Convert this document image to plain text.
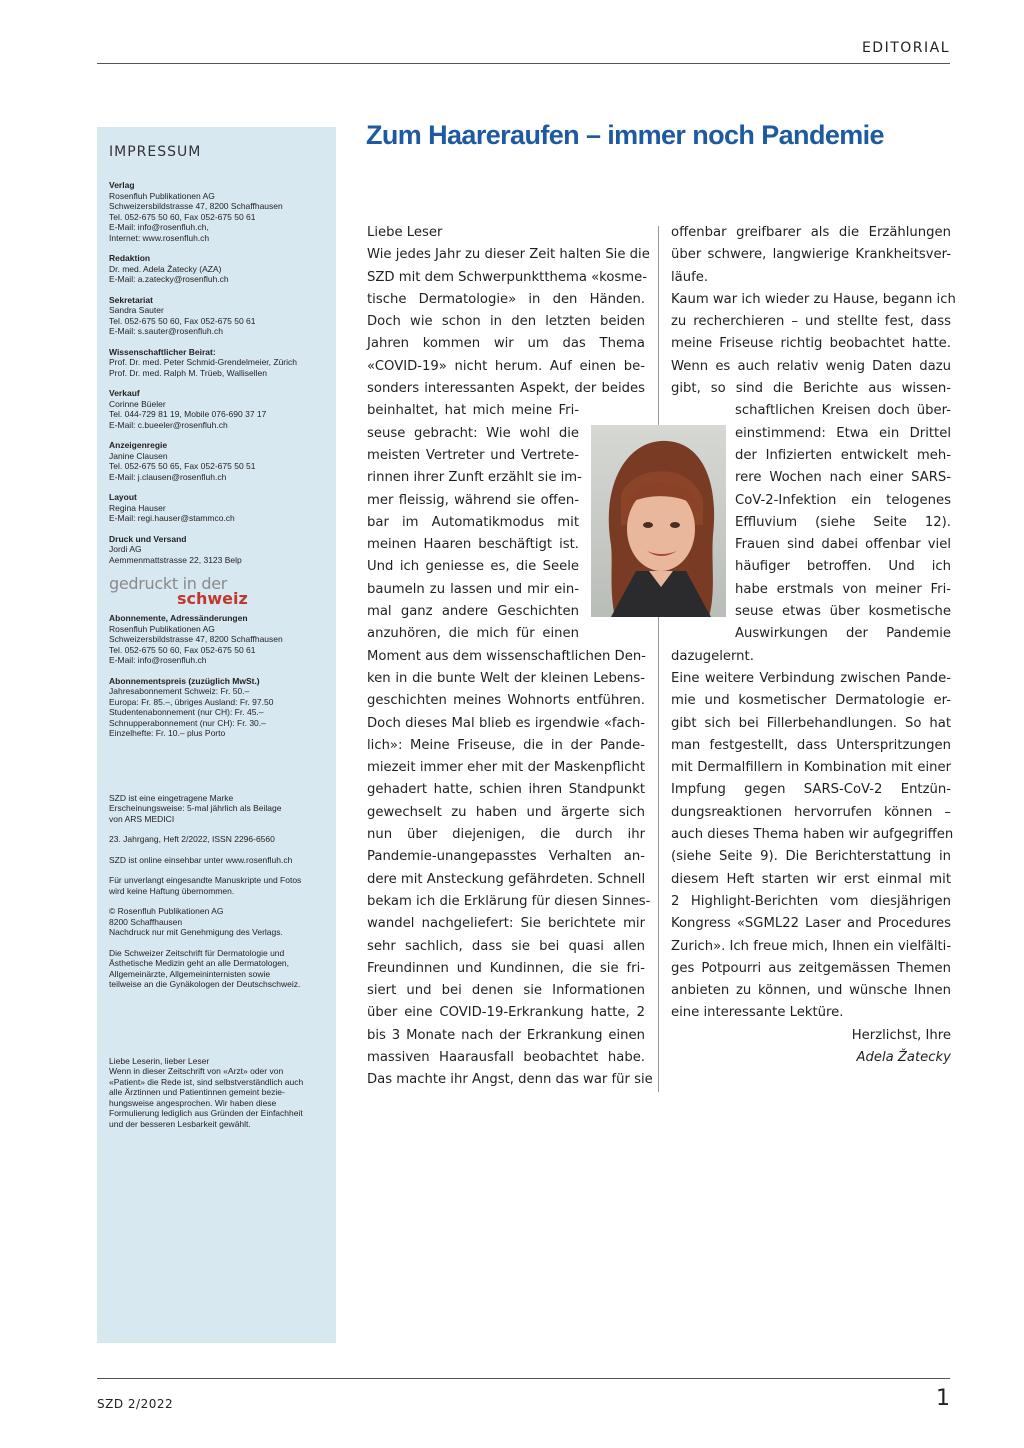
EDITORIAL
IMPRESSUM
Verlag
Rosenfluh Publikationen AG
Schweizersbildstrasse 47, 8200 Schaffhausen
Tel. 052-675 50 60, Fax 052-675 50 61
E-Mail: info@rosenfluh.ch,
Internet: www.rosenfluh.ch
Redaktion
Dr. med. Adela Žatecky (AZA)
E-Mail: a.zatecky@rosenfluh.ch
Sekretariat
Sandra Sauter
Tel. 052-675 50 60, Fax 052-675 50 61
E-Mail: s.sauter@rosenfluh.ch
Wissenschaftlicher Beirat:
Prof. Dr. med. Peter Schmid-Grendelmeier, Zürich
Prof. Dr. med. Ralph M. Trüeb, Wallisellen
Verkauf
Corinne Büeler
Tel. 044-729 81 19, Mobile 076-690 37 17
E-Mail: c.bueeler@rosenfluh.ch
Anzeigenregie
Janine Clausen
Tel. 052-675 50 65, Fax 052-675 50 51
E-Mail: j.clausen@rosenfluh.ch
Layout
Regina Hauser
E-Mail: regi.hauser@stammco.ch
Druck und Versand
Jordi AG
Aemmenmattstrasse 22, 3123 Belp
gedruckt in der
schweiz
Abonnemente, Adressänderungen
Rosenfluh Publikationen AG
Schweizersbildstrasse 47, 8200 Schaffhausen
Tel. 052-675 50 60, Fax 052-675 50 61
E-Mail: info@rosenfluh.ch
Abonnementspreis (zuzüglich MwSt.)
Jahresabonnement Schweiz: Fr. 50.–
Europa: Fr. 85.–, übriges Ausland: Fr. 97.50
Studentenabonnement (nur CH): Fr. 45.–
Schnupperabonnement (nur CH): Fr. 30.–
Einzelhefte: Fr. 10.– plus Porto
SZD ist eine eingetragene Marke
Erscheinungsweise: 5-mal jährlich als Beilage
von ARS MEDICI
23. Jahrgang, Heft 2/2022, ISSN 2296-6560
SZD ist online einsehbar unter www.rosenfluh.ch
Für unverlangt eingesandte Manuskripte und Fotos
wird keine Haftung übernommen.
© Rosenfluh Publikationen AG
8200 Schaffhausen
Nachdruck nur mit Genehmigung des Verlags.
Die Schweizer Zeitschrift für Dermatologie und
Ästhetische Medizin geht an alle Dermatologen,
Allgemeinärzte, Allgemeininternisten sowie
teilweise an die Gynäkologen der Deutschschweiz.
Liebe Leserin, lieber Leser
Wenn in dieser Zeitschrift von «Arzt» oder von
«Patient» die Rede ist, sind selbstverständlich auch
alle Ärztinnen und Patientinnen gemeint bezie-
hungsweise angesprochen. Wir haben diese
Formulierung lediglich aus Gründen der Einfachheit
und der besseren Lesbarkeit gewählt.
Zum Haareraufen – immer noch Pandemie
Liebe Leser
Wie jedes Jahr zu dieser Zeit halten Sie die
SZD mit dem Schwerpunktthema «kosme-
tische Dermatologie» in den Händen.
Doch wie schon in den letzten beiden
Jahren kommen wir um das Thema
«COVID-19» nicht herum. Auf einen be-
sonders interessanten Aspekt, der beides
beinhaltet, hat mich meine Fri-
seuse gebracht: Wie wohl die
meisten Vertreter und Vertrete-
rinnen ihrer Zunft erzählt sie im-
mer fleissig, während sie offen-
bar im Automatikmodus mit
meinen Haaren beschäftigt ist.
Und ich geniesse es, die Seele
baumeln zu lassen und mir ein-
mal ganz andere Geschichten
anzuhören, die mich für einen
Moment aus dem wissenschaftlichen Den-
ken in die bunte Welt der kleinen Lebens-
geschichten meines Wohnorts entführen.
Doch dieses Mal blieb es irgendwie «fach-
lich»: Meine Friseuse, die in der Pande-
miezeit immer eher mit der Maskenpflicht
gehadert hatte, schien ihren Standpunkt
gewechselt zu haben und ärgerte sich
nun über diejenigen, die durch ihr
Pandemie-unangepasstes Verhalten an-
dere mit Ansteckung gefährdeten. Schnell
bekam ich die Erklärung für diesen Sinnes-
wandel nachgeliefert: Sie berichtete mir
sehr sachlich, dass sie bei quasi allen
Freundinnen und Kundinnen, die sie fri-
siert und bei denen sie Informationen
über eine COVID-19-Erkrankung hatte, 2
bis 3 Monate nach der Erkrankung einen
massiven Haarausfall beobachtet habe.
Das machte ihr Angst, denn das war für sie
offenbar greifbarer als die Erzählungen
über schwere, langwierige Krankheitsver-
läufe.
Kaum war ich wieder zu Hause, begann ich
zu recherchieren – und stellte fest, dass
meine Friseuse richtig beobachtet hatte.
Wenn es auch relativ wenig Daten dazu
gibt, so sind die Berichte aus wissen-
schaftlichen Kreisen doch über-
einstimmend: Etwa ein Drittel
der Infizierten entwickelt meh-
rere Wochen nach einer SARS-
CoV-2-Infektion ein telogenes
Effluvium (siehe Seite 12).
Frauen sind dabei offenbar viel
häufiger betroffen. Und ich
habe erstmals von meiner Fri-
seuse etwas über kosmetische
Auswirkungen der Pandemie
dazugelernt.
Eine weitere Verbindung zwischen Pande-
mie und kosmetischer Dermatologie er-
gibt sich bei Fillerbehandlungen. So hat
man festgestellt, dass Unterspritzungen
mit Dermalfillern in Kombination mit einer
Impfung gegen SARS-CoV-2 Entzün-
dungsreaktionen hervorrufen können –
auch dieses Thema haben wir aufgegriffen
(siehe Seite 9). Die Berichterstattung in
diesem Heft starten wir erst einmal mit
2 Highlight-Berichten vom diesjährigen
Kongress «SGML22 Laser and Procedures
Zurich». Ich freue mich, Ihnen ein vielfälti-
ges Potpourri aus zeitgemässen Themen
anbieten zu können, und wünsche Ihnen
eine interessante Lektüre.
Herzlichst, Ihre
Adela Žatecky
SZD 2/2022	1
